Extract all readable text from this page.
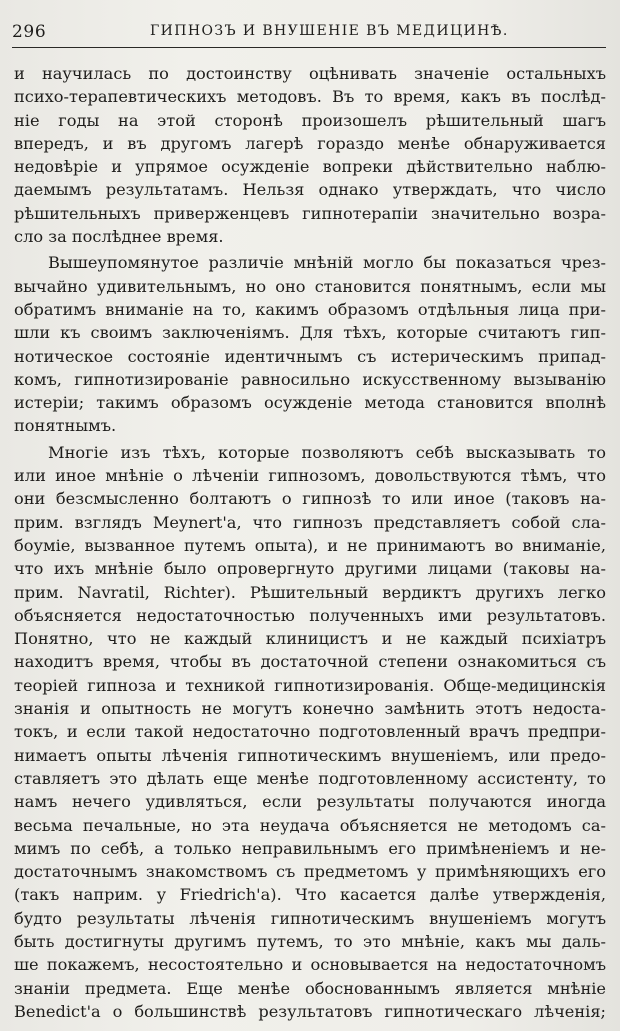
296	ГИПНОЗЪ И ВНУШЕНІЕ ВЪ МЕДИЦИНѢ.
и научилась по достоинству оцѣнивать значеніе остальныхъ
психо-терапевтическихъ методовъ. Въ то время, какъ въ послѣд-
ніе годы на этой сторонѣ произошелъ рѣшительный шагъ
впередъ, и въ другомъ лагерѣ гораздо менѣе обнаруживается
недовѣріе и упрямое осужденіе вопреки дѣйствительно наблю-
даемымъ результатамъ. Нельзя однако утверждать, что число
рѣшительныхъ приверженцевъ гипнотерапіи значительно возра-
сло за послѣднее время.
Вышеупомянутое различіе мнѣній могло бы показаться чрез-
вычайно удивительнымъ, но оно становится понятнымъ, если мы
обратимъ вниманіе на то, какимъ образомъ отдѣльныя лица при-
шли къ своимъ заключеніямъ. Для тѣхъ, которые считаютъ гип-
нотическое состояніе идентичнымъ съ истерическимъ припад-
комъ, гипнотизированіе равносильно искусственному вызыванію
истеріи; такимъ образомъ осужденіе метода становится вполнѣ
понятнымъ.
Многіе изъ тѣхъ, которые позволяютъ себѣ высказывать то
или иное мнѣніе о лѣченіи гипнозомъ, довольствуются тѣмъ, что
они безсмысленно болтаютъ о гипнозѣ то или иное (таковъ на-
прим. взглядъ Meynert'а, что гипнозъ представляетъ собой сла-
боуміе, вызванное путемъ опыта), и не принимаютъ во вниманіе,
что ихъ мнѣніе было опровергнуто другими лицами (таковы на-
прим. Navratil, Richter). Рѣшительный вердиктъ другихъ легко
объясняется недостаточностью полученныхъ ими результатовъ.
Понятно, что не каждый клиницистъ и не каждый психіатръ
находитъ время, чтобы въ достаточной степени ознакомиться съ
теоріей гипноза и техникой гипнотизированія. Обще-медицинскія
знанія и опытность не могутъ конечно замѣнить этотъ недоста-
токъ, и если такой недостаточно подготовленный врачъ предпри-
нимаетъ опыты лѣченія гипнотическимъ внушеніемъ, или предо-
ставляетъ это дѣлать еще менѣе подготовленному ассистенту, то
намъ нечего удивляться, если результаты получаются иногда
весьма печальные, но эта неудача объясняется не методомъ са-
мимъ по себѣ, а только неправильнымъ его примѣненіемъ и не-
достаточнымъ знакомствомъ съ предметомъ у примѣняющихъ его
(такъ наприм. у Friedrich'а). Что касается далѣе утвержденія,
будто результаты лѣченія гипнотическимъ внушеніемъ могутъ
быть достигнуты другимъ путемъ, то это мнѣніе, какъ мы даль-
ше покажемъ, несостоятельно и основывается на недостаточномъ
знаніи предмета. Еще менѣе обоснованнымъ является мнѣніе
Benedict'а о большинствѣ результатовъ гипнотическаго лѣченія;
